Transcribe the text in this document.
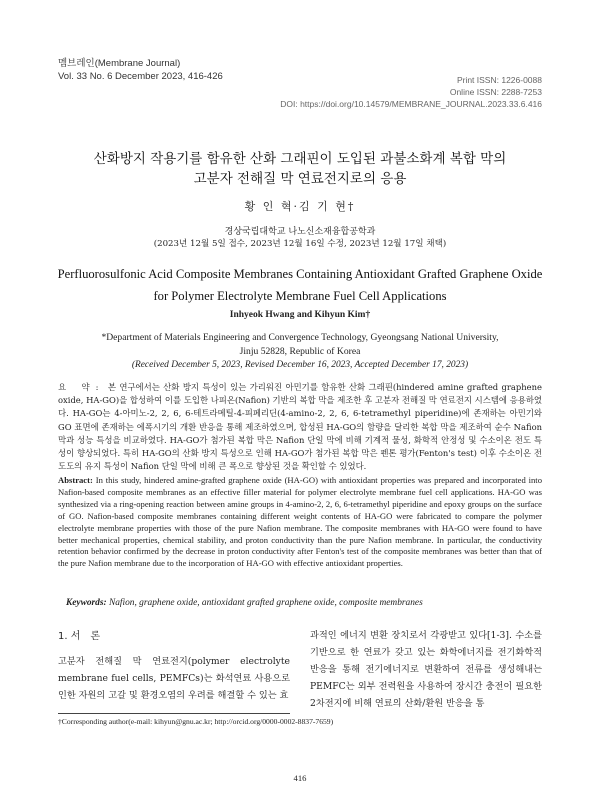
멤브레인(Membrane Journal)
Vol. 33 No. 6 December 2023, 416-426	Print ISSN: 1226-0088
Online ISSN: 2288-7253
DOI: https://doi.org/10.14579/MEMBRANE_JOURNAL.2023.33.6.416
산화방지 작용기를 함유한 산화 그래핀이 도입된 과불소화계 복합 막의
고분자 전해질 막 연료전지로의 응용
황 인 혁·김 기 현†
경상국립대학교 나노신소재융합공학과
(2023년 12월 5일 접수, 2023년 12월 16일 수정, 2023년 12월 17일 채택)
Perfluorosulfonic Acid Composite Membranes Containing Antioxidant Grafted Graphene Oxide
for Polymer Electrolyte Membrane Fuel Cell Applications
Inhyeok Hwang and Kihyun Kim†
*Department of Materials Engineering and Convergence Technology, Gyeongsang National University,
Jinju 52828, Republic of Korea
(Received December 5, 2023, Revised December 16, 2023, Accepted December 17, 2023)
요 약: 본 연구에서는 산화 방지 특성이 있는 가리워진 아민기를 함유한 산화 그래핀(hindered amine grafted graphene oxide, HA-GO)을 합성하여 이를 도입한 나피온(Nafion) 기반의 복합 막을 제조한 후 고분자 전해질 막 연료전지 시스템에 응용하였다. HA-GO는 4-아미노-2, 2, 6, 6-테트라메틸-4-피페리딘(4-amino-2, 2, 6, 6-tetramethyl piperidine)에 존재하는 아민기와 GO 표면에 존재하는 에폭시기의 개환 반응을 통해 제조하였으며, 합성된 HA-GO의 함량을 달리한 복합 막을 제조하여 순수 Nafion 막과 성능 특성을 비교하였다. HA-GO가 첨가된 복합 막은 Nafion 단일 막에 비해 기계적 물성, 화학적 안정성 및 수소이온 전도 특성이 향상되었다. 특히 HA-GO의 산화 방지 특성으로 인해 HA-GO가 첨가된 복합 막은 펜톤 평가(Fenton's test) 이후 수소이온 전도도의 유지 특성이 Nafion 단일 막에 비해 큰 폭으로 향상된 것을 확인할 수 있었다.
Abstract: In this study, hindered amine-grafted graphene oxide (HA-GO) with antioxidant properties was prepared and incorporated into Nafion-based composite membranes as an effective filler material for polymer electrolyte membrane fuel cell applications. HA-GO was synthesized via a ring-opening reaction between amine groups in 4-amino-2, 2, 6, 6-tetramethyl piperidine and epoxy groups on the surface of GO. Nafion-based composite membranes containing different weight contents of HA-GO were fabricated to compare the polymer electrolyte membrane properties with those of the pure Nafion membrane. The composite membranes with HA-GO were found to have better mechanical properties, chemical stability, and proton conductivity than the pure Nafion membrane. In particular, the conductivity retention behavior confirmed by the decrease in proton conductivity after Fenton's test of the composite membranes was better than that of the pure Nafion membrane due to the incorporation of HA-GO with effective antioxidant properties.
Keywords: Nafion, graphene oxide, antioxidant grafted graphene oxide, composite membranes
1. 서　론
고분자 전해질 막 연료전지(polymer electrolyte membrane fuel cells, PEMFCs)는 화석연료 사용으로 인한 자원의 고갈 및 환경오염의 우려를 해결할 수 있는 효
과적인 에너지 변환 장치로서 각광받고 있다[1-3]. 수소를 기반으로 한 연료가 갖고 있는 화학에너지를 전기화학적 반응을 통해 전기에너지로 변환하여 전류를 생성해내는 PEMFC는 외부 전력원을 사용하여 장시간 충전이 필요한 2차전지에 비해 연료의 산화/환원 반응을 통
†Corresponding author(e-mail: kihyun@gnu.ac.kr; http://orcid.org/0000-0002-8837-7659)
416
